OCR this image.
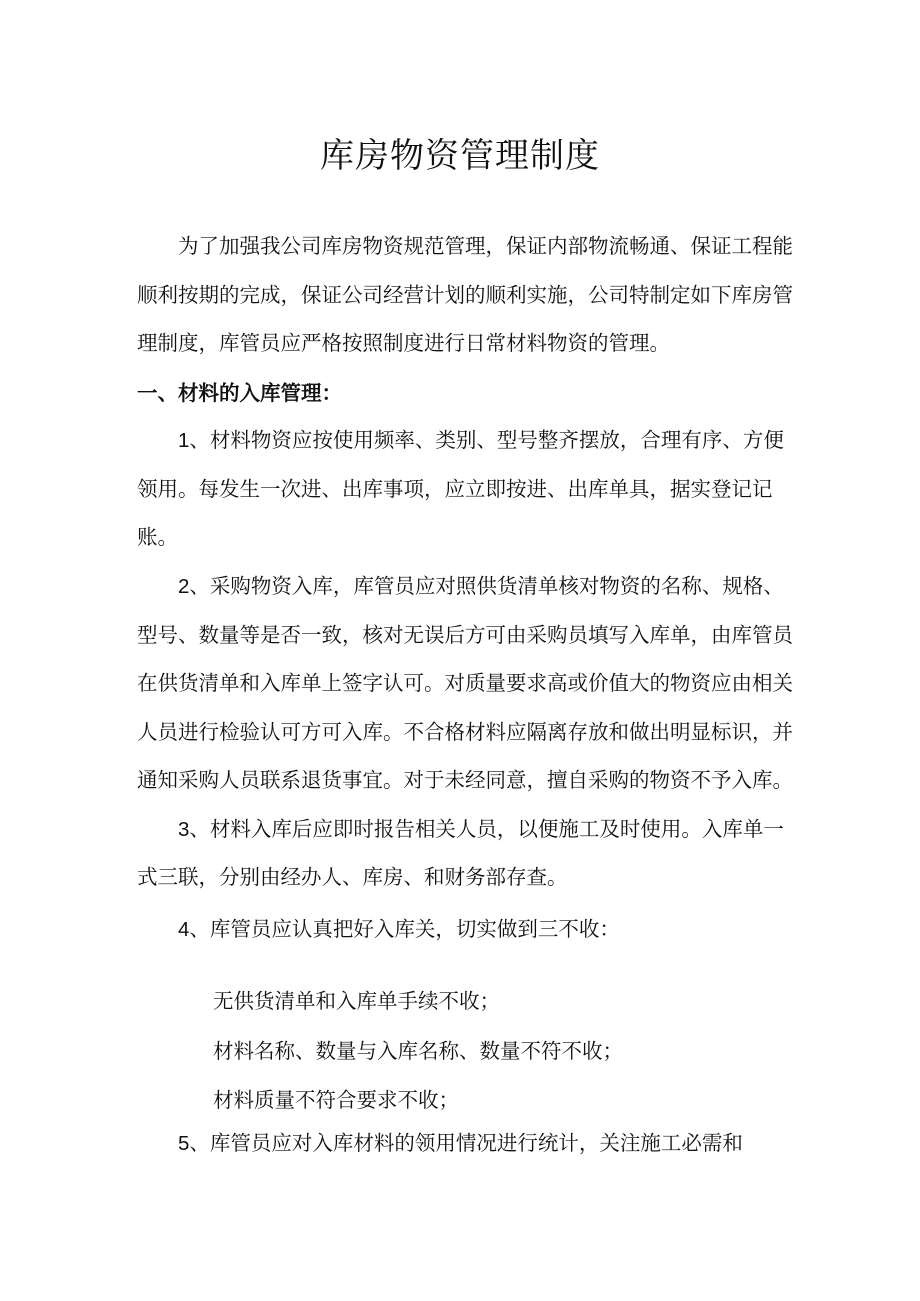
库房物资管理制度

为了加强我公司库房物资规范管理，保证内部物流畅通、保证工程能

顺利按期的完成，保证公司经营计划的顺利实施，公司特制定如下库房管

理制度，库管员应严格按照制度进行日常材料物资的管理。

一、材料的入库管理：

1、材料物资应按使用频率、类别、型号整齐摆放，合理有序、方便

领用。每发生一次进、出库事项，应立即按进、出库单具，据实登记记

账。

2、采购物资入库，库管员应对照供货清单核对物资的名称、规格、

型号、数量等是否一致，核对无误后方可由采购员填写入库单，由库管员

在供货清单和入库单上签字认可。对质量要求高或价值大的物资应由相关

人员进行检验认可方可入库。不合格材料应隔离存放和做出明显标识，并

通知采购人员联系退货事宜。对于未经同意，擅自采购的物资不予入库。

3、材料入库后应即时报告相关人员，以便施工及时使用。入库单一

式三联，分别由经办人、库房、和财务部存查。

4、库管员应认真把好入库关，切实做到三不收：

无供货清单和入库单手续不收；

材料名称、数量与入库名称、数量不符不收；

材料质量不符合要求不收；

5、库管员应对入库材料的领用情况进行统计，关注施工必需和
